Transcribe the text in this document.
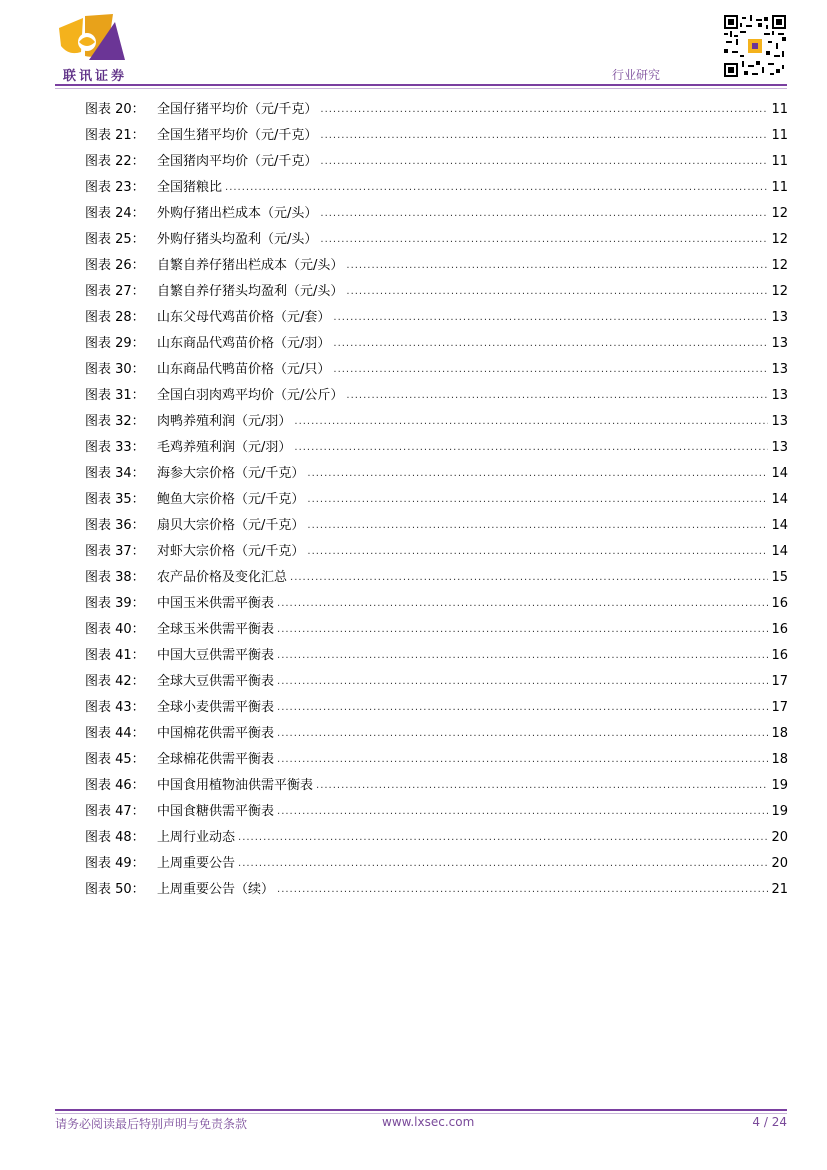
联讯证券	行业研究
图表 20： 全国仔猪平均价（元/千克） .....	11
图表 21： 全国生猪平均价（元/千克） .....	11
图表 22： 全国猪肉平均价（元/千克） .....	11
图表 23： 全国猪粮比 .....	11
图表 24： 外购仔猪出栏成本（元/头） .....	12
图表 25： 外购仔猪头均盈利（元/头） .....	12
图表 26： 自繁自养仔猪出栏成本（元/头） .....	12
图表 27： 自繁自养仔猪头均盈利（元/头） .....	12
图表 28： 山东父母代鸡苗价格（元/套） .....	13
图表 29： 山东商品代鸡苗价格（元/羽） .....	13
图表 30： 山东商品代鸭苗价格（元/只） .....	13
图表 31： 全国白羽肉鸡平均价（元/公斤） .....	13
图表 32： 肉鸭养殖利润（元/羽） .....	13
图表 33： 毛鸡养殖利润（元/羽） .....	13
图表 34： 海参大宗价格（元/千克） .....	14
图表 35： 鲍鱼大宗价格（元/千克） .....	14
图表 36： 扇贝大宗价格（元/千克） .....	14
图表 37： 对虾大宗价格（元/千克） .....	14
图表 38： 农产品价格及变化汇总 .....	15
图表 39： 中国玉米供需平衡表 .....	16
图表 40： 全球玉米供需平衡表 .....	16
图表 41： 中国大豆供需平衡表 .....	16
图表 42： 全球大豆供需平衡表 .....	17
图表 43： 全球小麦供需平衡表 .....	17
图表 44： 中国棉花供需平衡表 .....	18
图表 45： 全球棉花供需平衡表 .....	18
图表 46： 中国食用植物油供需平衡表 .....	19
图表 47： 中国食糖供需平衡表 .....	19
图表 48： 上周行业动态 .....	20
图表 49： 上周重要公告 .....	20
图表 50： 上周重要公告（续） .....	21
请务必阅读最后特别声明与免责条款	www.lxsec.com	4 / 24
